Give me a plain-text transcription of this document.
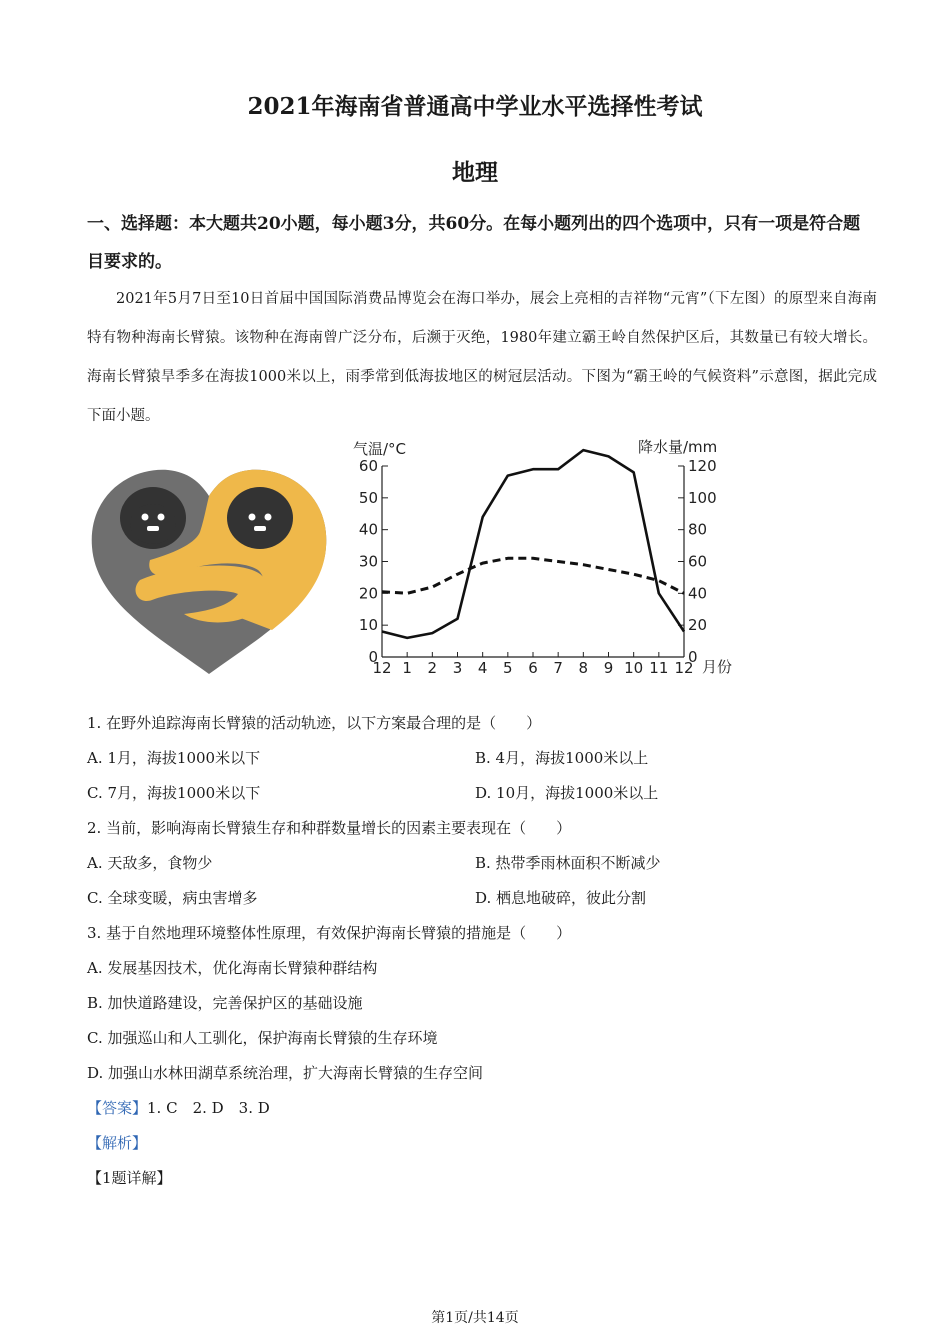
2021年海南省普通高中学业水平选择性考试
地理
一、选择题：本大题共20小题，每小题3分，共60分。在每小题列出的四个选项中，只有一项是符合题目要求的。
2021年5月7日至10日首届中国国际消费品博览会在海口举办，展会上亮相的吉祥物“元宵”（下左图）的原型来自海南特有物种海南长臂猿。该物种在海南曾广泛分布，后濒于灭绝，1980年建立霸王岭自然保护区后，其数量已有较大增长。海南长臂猿旱季多在海拔1000米以上，雨季常到低海拔地区的树冠层活动。下图为“霸王岭的气候资料”示意图，据此完成下面小题。
气温/°C	降水量/mm
月份
0
10
20
30
40
50
60
0
20
40
60
80
100
120
12 1 2 3 4 5 6 7 8 9 10 11 12
1. 在野外追踪海南长臂猿的活动轨迹，以下方案最合理的是（　　）
A. 1月，海拔1000米以下	B. 4月，海拔1000米以上
C. 7月，海拔1000米以下	D. 10月，海拔1000米以上
2. 当前，影响海南长臂猿生存和种群数量增长的因素主要表现在（　　）
A. 天敌多，食物少	B. 热带季雨林面积不断减少
C. 全球变暖，病虫害增多	D. 栖息地破碎，彼此分割
3. 基于自然地理环境整体性原理，有效保护海南长臂猿的措施是（　　）
A. 发展基因技术，优化海南长臂猿种群结构
B. 加快道路建设，完善保护区的基础设施
C. 加强巡山和人工驯化，保护海南长臂猿的生存环境
D. 加强山水林田湖草系统治理，扩大海南长臂猿的生存空间
【答案】1. C　2. D　3. D
【解析】
【1题详解】
第1页/共14页
